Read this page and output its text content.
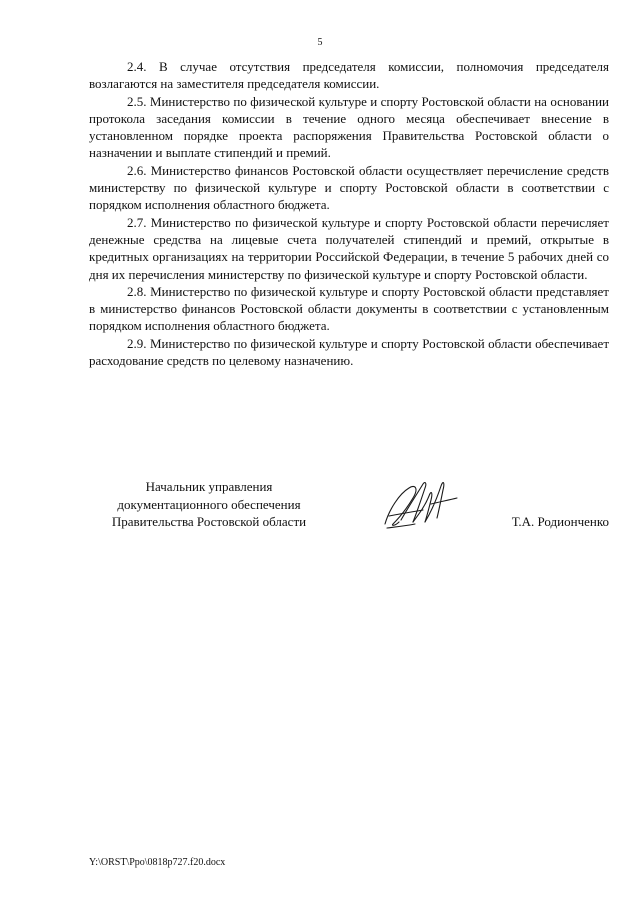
5

2.4. В случае отсутствия председателя комиссии, полномочия председателя возлагаются на заместителя председателя комиссии.

2.5. Министерство по физической культуре и спорту Ростовской области на основании протокола заседания комиссии в течение одного месяца обеспечивает внесение в установленном порядке проекта распоряжения Правительства Ростовской области о назначении и выплате стипендий и премий.

2.6. Министерство финансов Ростовской области осуществляет перечисление средств министерству по физической культуре и спорту Ростовской области в соответствии с порядком исполнения областного бюджета.

2.7. Министерство по физической культуре и спорту Ростовской области перечисляет денежные средства на лицевые счета получателей стипендий и премий, открытые в кредитных организациях на территории Российской Федерации, в течение 5 рабочих дней со дня их перечисления министерству по физической культуре и спорту Ростовской области.

2.8. Министерство по физической культуре и спорту Ростовской области представляет в министерство финансов Ростовской области документы в соответствии с установленным порядком исполнения областного бюджета.

2.9. Министерство по физической культуре и спорту Ростовской области обеспечивает расходование средств по целевому назначению.

Начальник управления
документационного обеспечения
Правительства Ростовской области	Т.А. Родионченко
Y:\ORST\Ppo\0818p727.f20.docx
